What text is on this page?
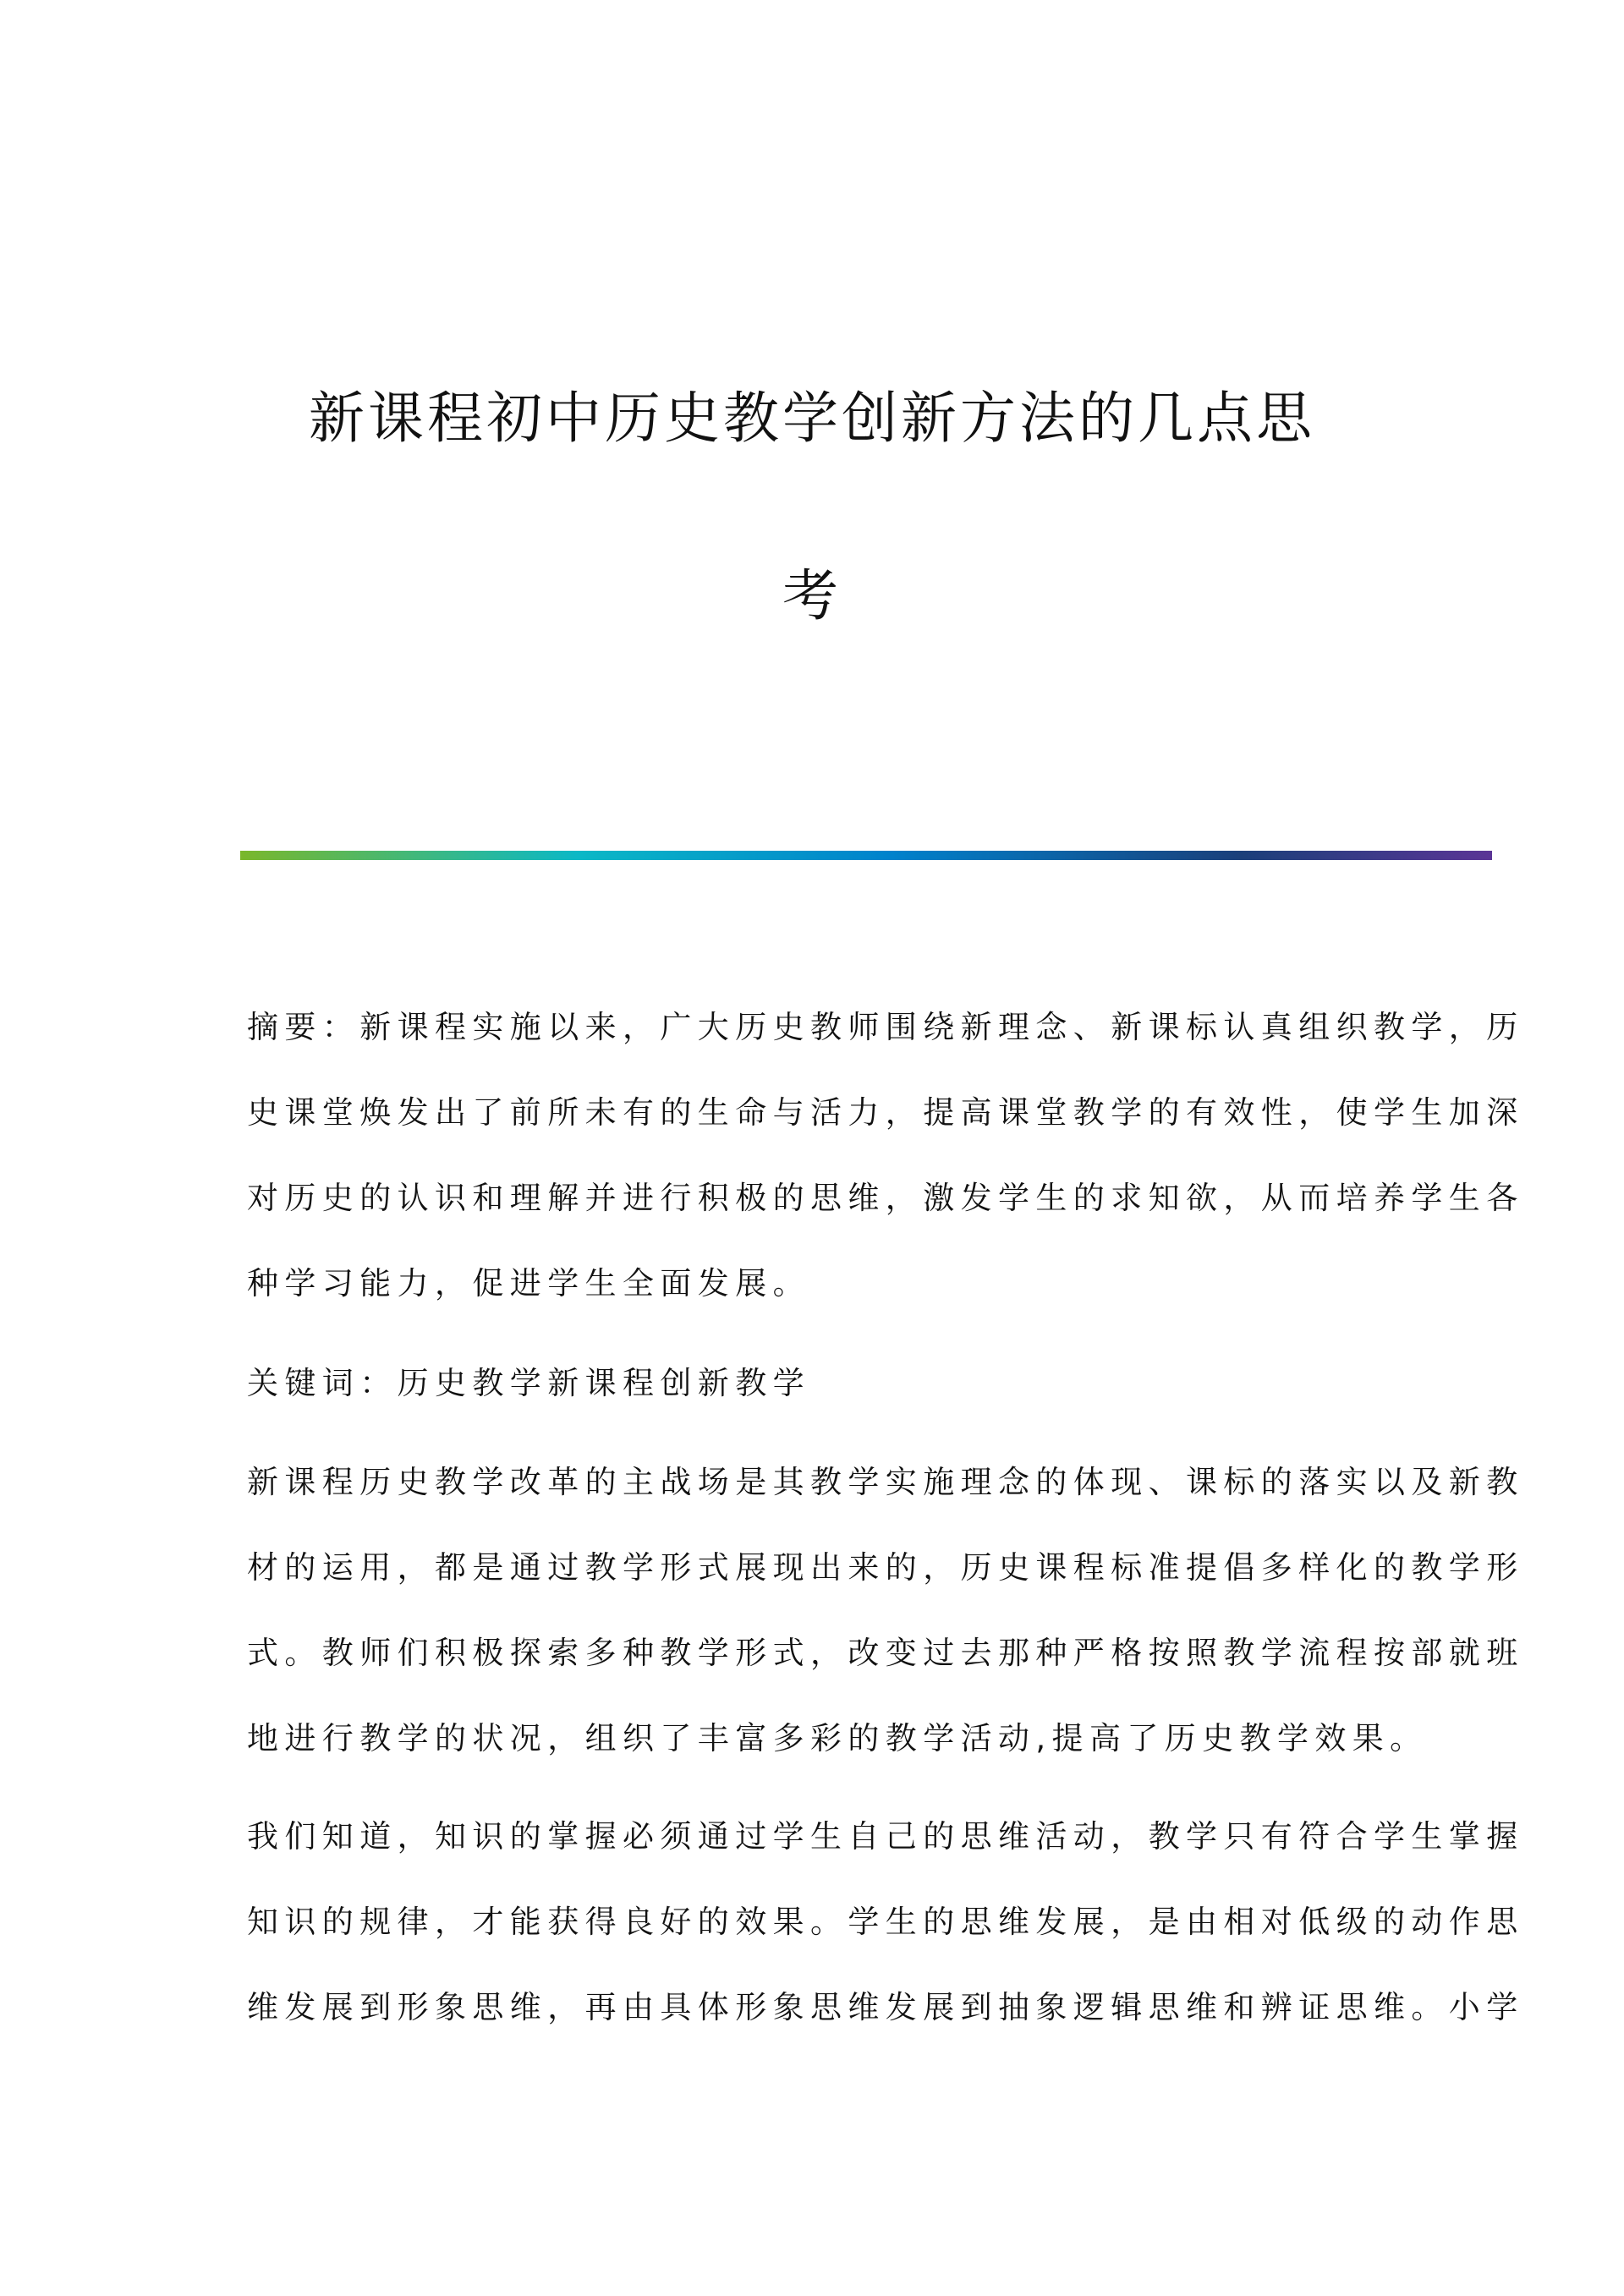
新课程初中历史教学创新方法的几点思
考
摘要：新课程实施以来，广大历史教师围绕新理念、新课标认真组织教学，历
史课堂焕发出了前所未有的生命与活力，提高课堂教学的有效性，使学生加深
对历史的认识和理解并进行积极的思维，激发学生的求知欲，从而培养学生各
种学习能力，促进学生全面发展。
关键词：历史教学新课程创新教学
新课程历史教学改革的主战场是其教学实施理念的体现、课标的落实以及新教
材的运用，都是通过教学形式展现出来的，历史课程标准提倡多样化的教学形
式。教师们积极探索多种教学形式，改变过去那种严格按照教学流程按部就班
地进行教学的状况，组织了丰富多彩的教学活动,提高了历史教学效果。
我们知道，知识的掌握必须通过学生自己的思维活动，教学只有符合学生掌握
知识的规律，才能获得良好的效果。学生的思维发展，是由相对低级的动作思
维发展到形象思维，再由具体形象思维发展到抽象逻辑思维和辨证思维。小学
